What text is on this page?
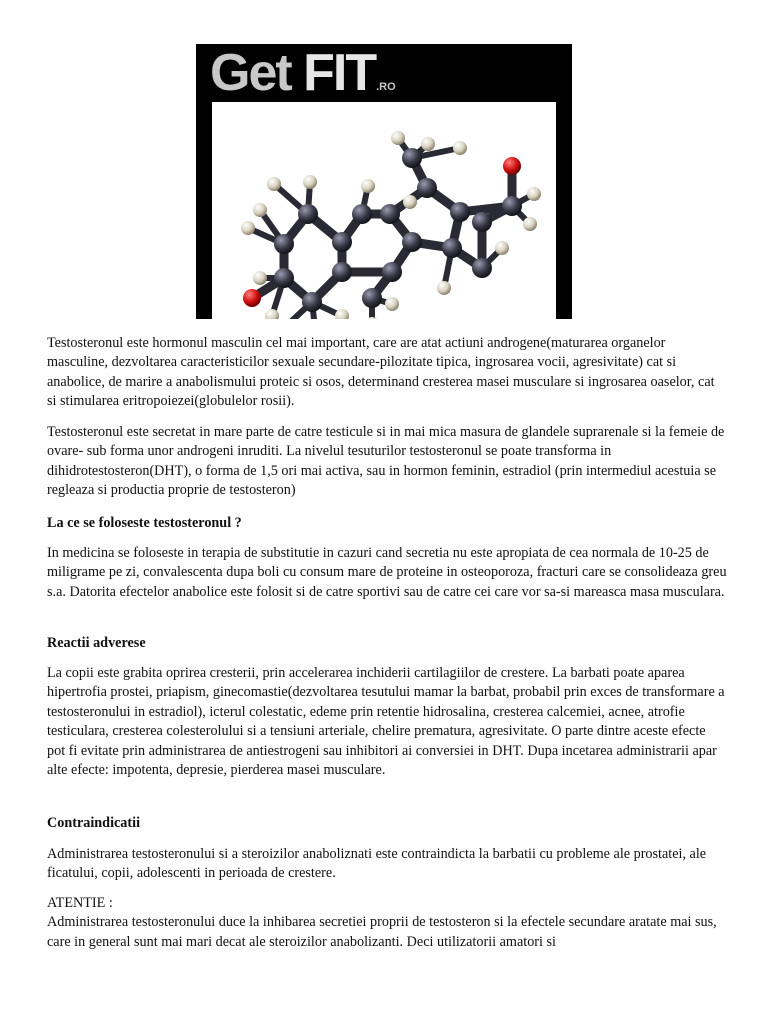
Get FIT.RO
Testosteronul este hormonul masculin cel mai important, care are atat actiuni androgene(maturarea organelor masculine, dezvoltarea caracteristicilor sexuale secundare-pilozitate tipica, ingrosarea vocii, agresivitate) cat si anabolice, de marire a anabolismului proteic si osos, determinand cresterea masei musculare si ingrosarea oaselor, cat si stimularea eritropoiezei(globulelor rosii).
Testosteronul este secretat in mare parte de catre testicule si in mai mica masura de glandele suprarenale si la femeie de ovare- sub forma unor androgeni inruditi. La nivelul tesuturilor testosteronul se poate transforma in dihidrotestosteron(DHT), o forma de 1,5 ori mai activa, sau in hormon feminin, estradiol (prin intermediul acestuia se regleaza si productia proprie de testosteron)
La ce se foloseste testosteronul ?
In medicina se foloseste in terapia de substitutie in cazuri cand secretia nu este apropiata de cea normala de 10-25 de miligrame pe zi, convalescenta dupa boli cu consum mare de proteine in osteoporoza, fracturi care se consolideaza greu s.a. Datorita efectelor anabolice este folosit si de catre sportivi sau de catre cei care vor sa-si mareasca masa musculara.
Reactii adverese
La copii este grabita oprirea cresterii, prin accelerarea inchiderii cartilagiilor de crestere. La barbati poate aparea hipertrofia prostei, priapism, ginecomastie(dezvoltarea tesutului mamar la barbat, probabil prin exces de transformare a testosteronului in estradiol), icterul colestatic, edeme prin retentie hidrosalina, cresterea calcemiei, acnee, atrofie testiculara, cresterea colesterolului si a tensiuni arteriale, chelire prematura, agresivitate. O parte dintre aceste efecte pot fi evitate prin administrarea de antiestrogeni sau inhibitori ai conversiei in DHT. Dupa incetarea administrarii apar alte efecte: impotenta, depresie, pierderea masei musculare.
Contraindicatii
Administrarea testosteronului si a steroizilor anaboliznati este contraindicta la barbatii cu probleme ale prostatei, ale ficatului, copii, adolescenti in perioada de crestere.
ATENTIE :
Administrarea testosteronului duce la inhibarea secretiei proprii de testosteron si la efectele secundare aratate mai sus, care in general sunt mai mari decat ale steroizilor anabolizanti. Deci utilizatorii amatori si
